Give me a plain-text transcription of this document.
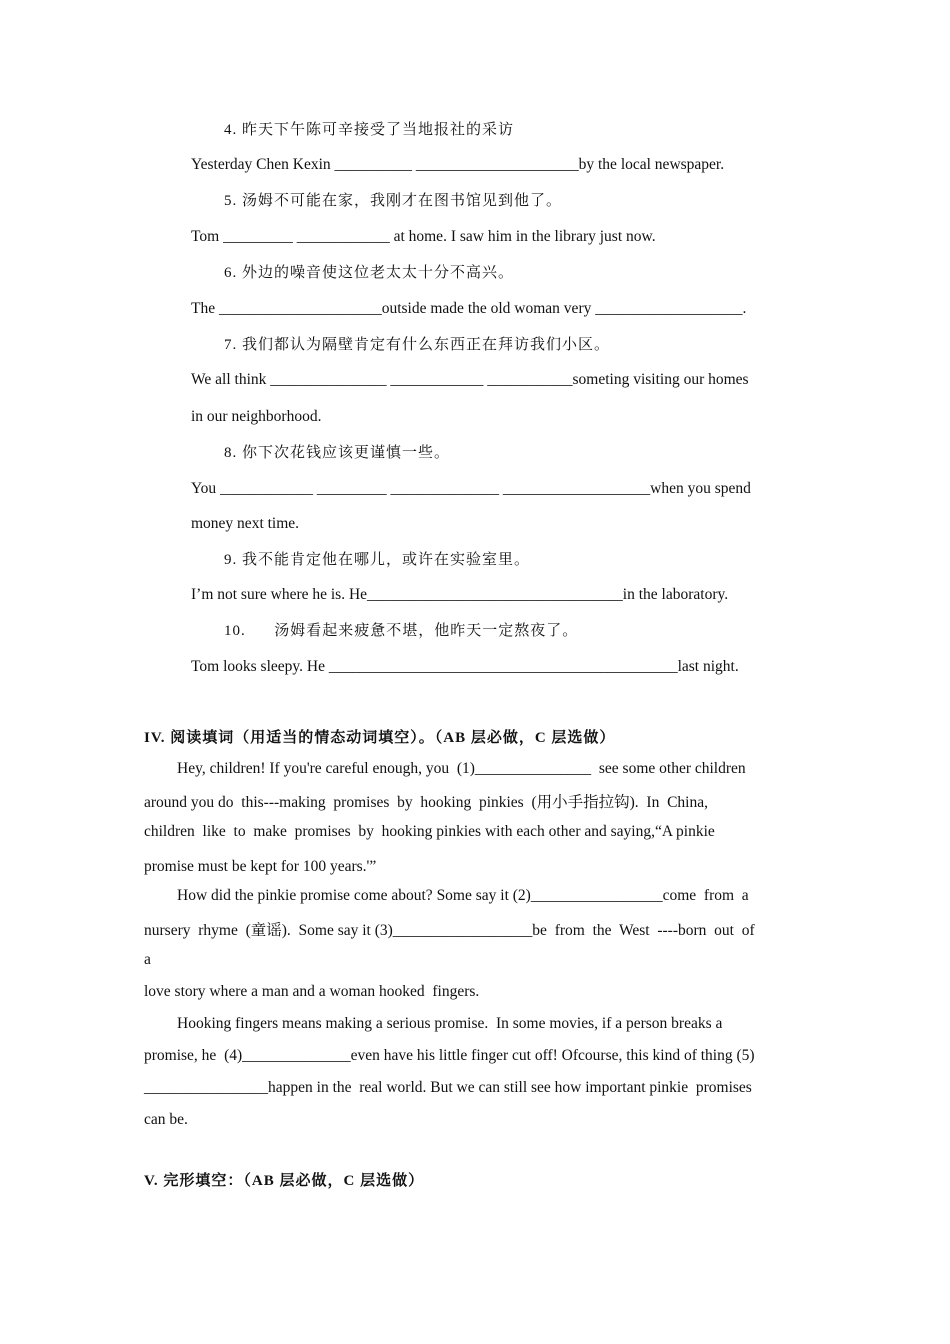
4. 昨天下午陈可辛接受了当地报社的采访
Yesterday Chen Kexin __________ _____________________by the local newspaper.
5. 汤姆不可能在家，我刚才在图书馆见到他了。
Tom _________ ____________ at home. I saw him in the library just now.
6. 外边的噪音使这位老太太十分不高兴。
The _____________________outside made the old woman very ___________________.
7. 我们都认为隔壁肯定有什么东西正在拜访我们小区。
We all think _______________ ____________ ___________someting visiting our homes
in our neighborhood.
8. 你下次花钱应该更谨慎一些。
You ____________ _________ ______________ ___________________when you spend
money next time.
9. 我不能肯定他在哪儿，或许在实验室里。
I’m not sure where he is. He_________________________________in the laboratory.
10.      汤姆看起来疲惫不堪，他昨天一定熬夜了。
Tom looks sleepy. He _____________________________________________last night.
IV. 阅读填词（用适当的情态动词填空）。（AB 层必做，C 层选做）
Hey, children! If you're careful enough, you  (1)_______________  see some other children
around you do  this---making  promises  by  hooking  pinkies  (用小手指拉钩).  In  China,
children  like  to  make  promises  by  hooking pinkies with each other and saying,“A pinkie
promise must be kept for 100 years.'”
How did the pinkie promise come about? Some say it (2)_________________come  from  a
nursery  rhyme  (童谣).  Some say it (3)__________________be  from  the  West  ----born  out  of
a
love story where a man and a woman hooked  fingers.
Hooking fingers means making a serious promise.  In some movies, if a person breaks a
promise, he  (4)______________even have his little finger cut off! Ofcourse, this kind of thing (5)
________________happen in the  real world. But we can still see how important pinkie  promises
can be.
V. 完形填空：（AB 层必做，C 层选做）
